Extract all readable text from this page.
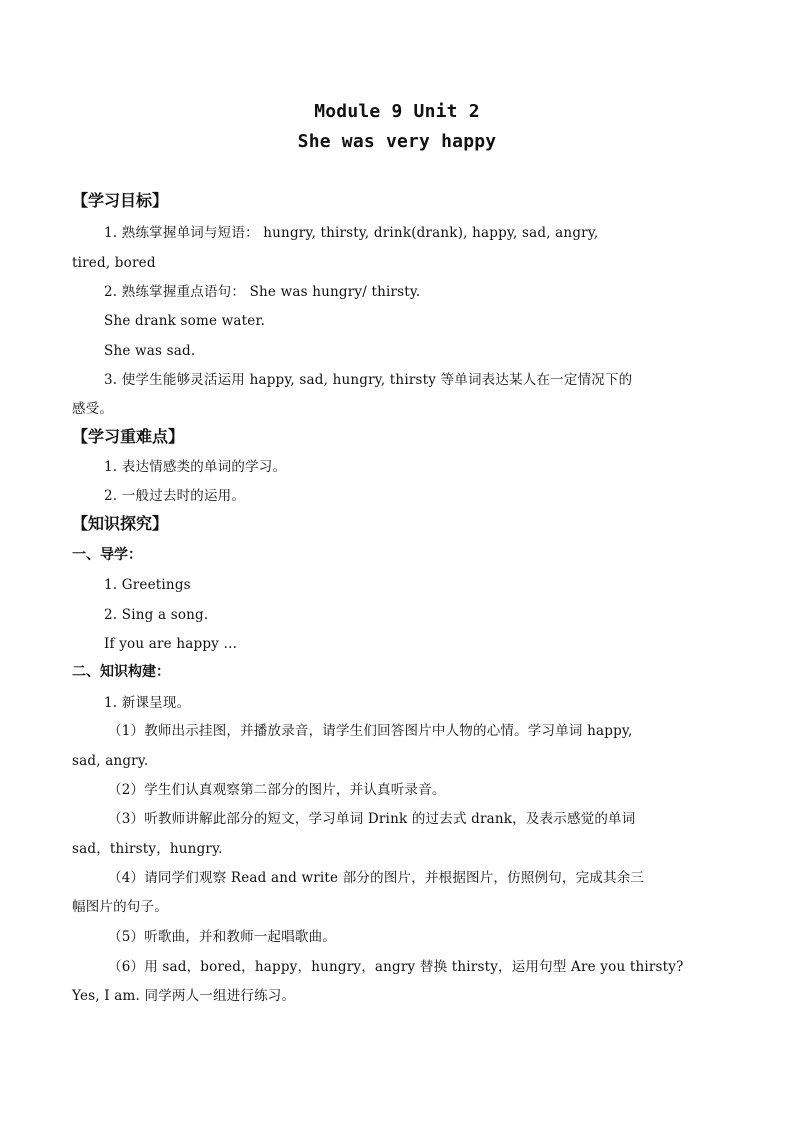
Module 9 Unit 2
She was very happy
【学习目标】
1. 熟练掌握单词与短语： hungry, thirsty, drink(drank), happy, sad, angry,
tired, bored
2. 熟练掌握重点语句： She was hungry/ thirsty.
She drank some water.
She was sad.
3. 使学生能够灵活运用 happy, sad, hungry, thirsty 等单词表达某人在一定情况下的
感受。
【学习重难点】
1. 表达情感类的单词的学习。
2. 一般过去时的运用。
【知识探究】
一、导学：
1. Greetings
2. Sing a song.
If you are happy …
二、知识构建：
1. 新课呈现。
（1）教师出示挂图，并播放录音，请学生们回答图片中人物的心情。学习单词 happy,
sad, angry.
（2）学生们认真观察第二部分的图片，并认真听录音。
（3）听教师讲解此部分的短文，学习单词 Drink 的过去式 drank，及表示感觉的单词
sad，thirsty，hungry.
（4）请同学们观察 Read and write 部分的图片，并根据图片，仿照例句，完成其余三
幅图片的句子。
（5）听歌曲，并和教师一起唱歌曲。
（6）用 sad，bored，happy，hungry，angry 替换 thirsty，运用句型 Are you thirsty?
Yes, I am. 同学两人一组进行练习。
